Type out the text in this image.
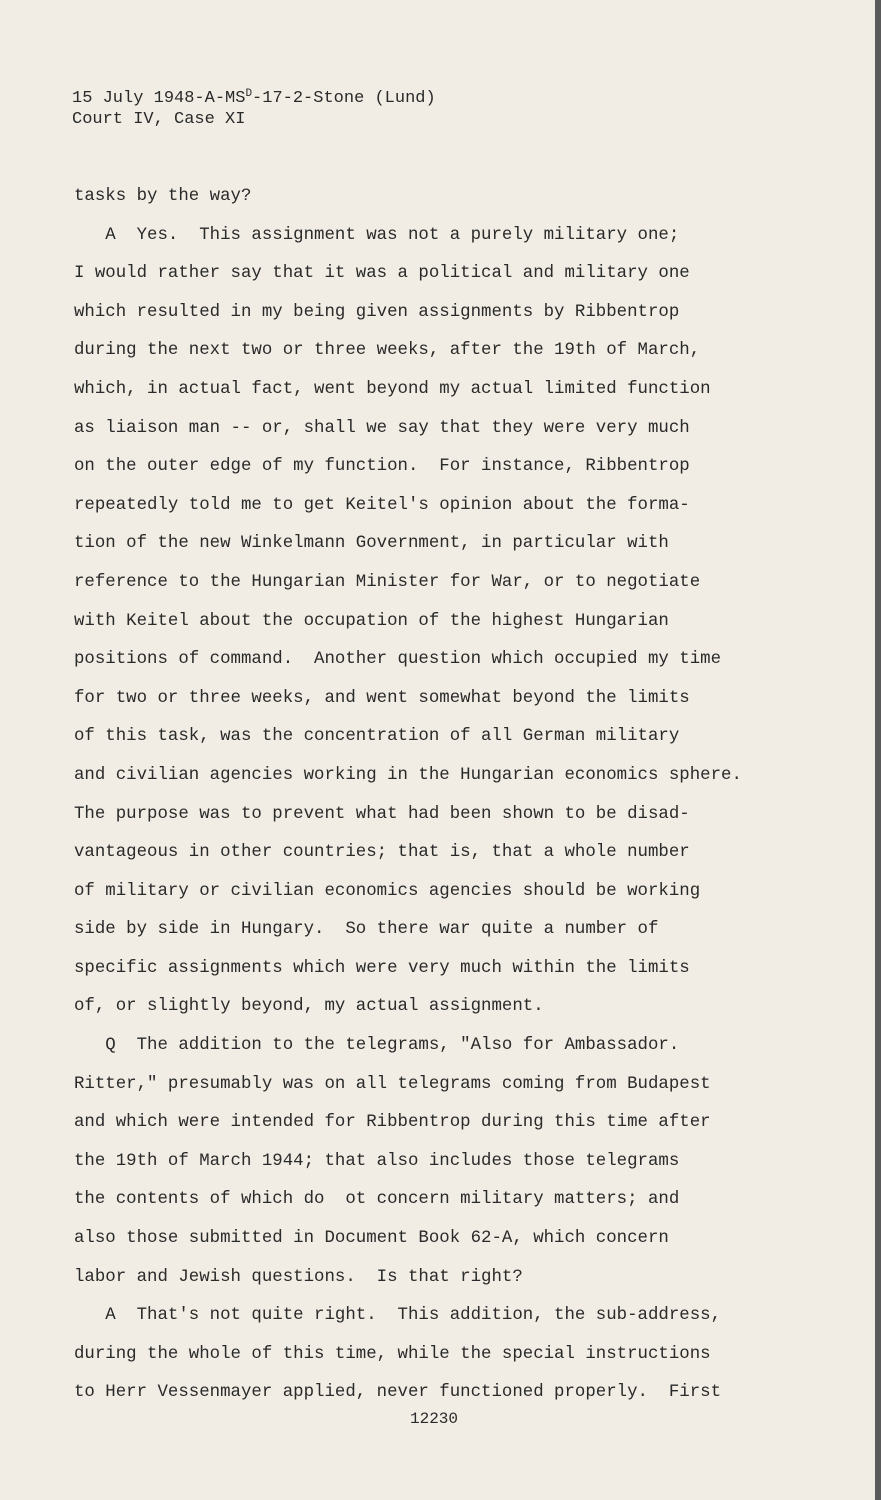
15 July $1948-A-MS^D-17-2$-Stone (Lund)
Court IV, Case XI
tasks by the way?
A  Yes.  This assignment was not a purely military one;
I would rather say that it was a political and military one
which resulted in my being given assignments by Ribbentrop
during the next two or three weeks, after the 19th of March,
which, in actual fact, went beyond my actual limited function
as liaison man -- or, shall we say that they were very much
on the outer edge of my function.  For instance, Ribbentrop
repeatedly told me to get Keitel's opinion about the forma-
tion of the new Winkelmann Government, in particular with
reference to the Hungarian Minister for War, or to negotiate
with Keitel about the occupation of the highest Hungarian
positions of command.  Another question which occupied my time
for two or three weeks, and went somewhat beyond the limits
of this task, was the concentration of all German military
and civilian agencies working in the Hungarian economics sphere.
The purpose was to prevent what had been shown to be disad-
vantageous in other countries; that is, that a whole number
of military or civilian economics agencies should be working
side by side in Hungary.  So there war quite a number of
specific assignments which were very much within the limits
of, or slightly beyond, my actual assignment.
Q  The addition to the telegrams, "Also for Ambassador.
Ritter," presumably was on all telegrams coming from Budapest
and which were intended for Ribbentrop during this time after
the 19th of March 1944; that also includes those telegrams
the contents of which do  ot concern military matters; and
also those submitted in Document Book 62-A, which concern
labor and Jewish questions.  Is that right?
A  That's not quite right.  This addition, the sub-address,
during the whole of this time, while the special instructions
to Herr Vessenmayer applied, never functioned properly.  First
12230
